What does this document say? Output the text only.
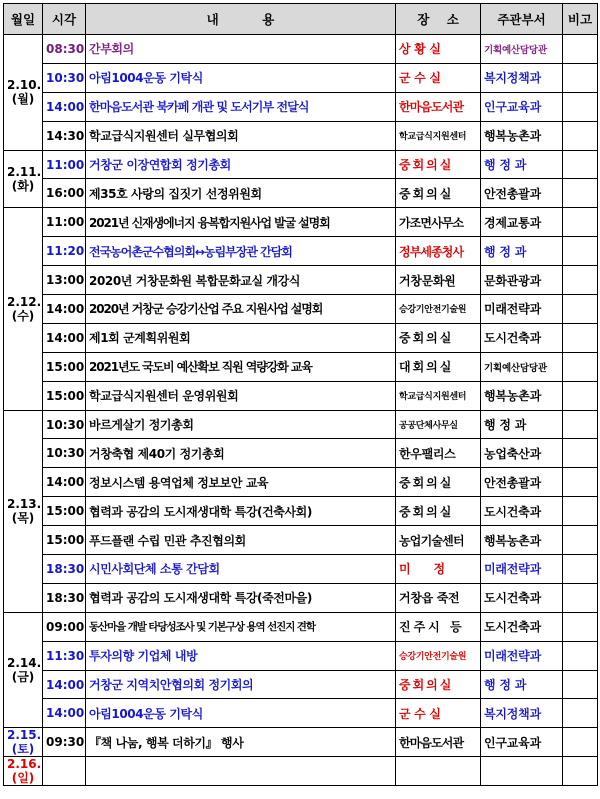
월일	시각	내          용	장    소	주관부서	비고

2.10.
(월)	08:30	간부회의	상 황 실	기획예산담당관	
	10:30	아림1004운동 기탁식	군 수 실	복지정책과	
	14:00	한마음도서관 북카페 개관 및 도서기부 전달식	한마음도서관	인구교육과	
	14:30	학교급식지원센터 실무협의회	학교급식지원센터	행복농촌과	

2.11.
(화)	11:00	거창군 이장연합회 정기총회	중회의실	행 정 과	
	16:00	제35호 사랑의 집짓기 선정위원회	중회의실	안전총괄과	

2.12.
(수)	11:00	2021년 신재생에너지 융복합지원사업 발굴 설명회	가조면사무소	경제교통과	
	11:20	전국농어촌군수협의회↔농림부장관 간담회	정부세종청사	행 정 과	
	13:00	2020년 거창문화원 복합문화교실 개강식	거창문화원	문화관광과	
	14:00	2020년 거창군 승강기산업 주요 지원사업 설명회	승강기안전기술원	미래전략과	
	14:00	제1회 군계획위원회	중회의실	도시건축과	
	15:00	2021년도 국도비 예산확보 직원 역량강화 교육	대회의실	기획예산담당관	
	15:00	학교급식지원센터 운영위원회	학교급식지원센터	행복농촌과	

2.13.
(목)	10:30	바르게살기 정기총회	공공단체사무실	행 정 과	
	10:30	거창축협 제40기 정기총회	한우팰리스	농업축산과	
	14:00	정보시스템 용역업체 정보보안 교육	중회의실	안전총괄과	
	15:00	협력과 공감의 도시재생대학 특강(건축사회)	중회의실	도시건축과	
	15:00	푸드플랜 수립 민관 추진협의회	농업기술센터	행복농촌과	
	18:30	시민사회단체 소통 간담회	미      정	미래전략과	
	18:30	협력과 공감의 도시재생대학 특강(죽전마을)	거창읍 죽전	도시건축과	

2.14.
(금)	09:00	동산마을 개발 타당성조사 및 기본구상 용역 선진지 견학	진주시 등	도시건축과	
	11:30	투자의향 기업체 내방	승강기안전기술원	미래전략과	
	14:00	거창군 지역치안협의회 정기회의	중회의실	행 정 과	
	14:00	아림1004운동 기탁식	군 수 실	복지정책과	

2.15.
(토)	09:30	『책 나눔, 행복 더하기』 행사	한마음도서관	인구교육과	

2.16.
(일)					
